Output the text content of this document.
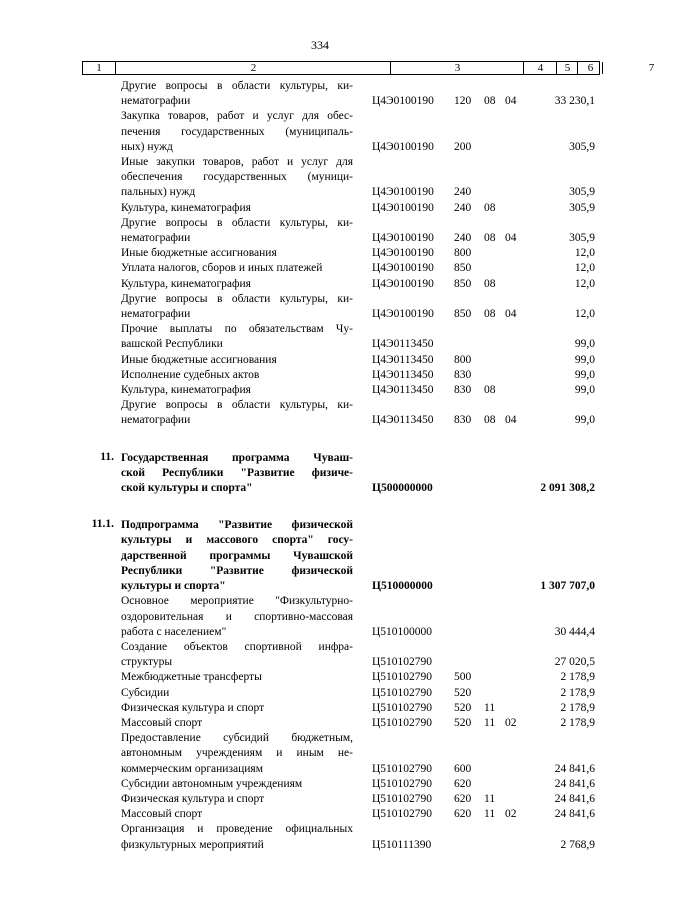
334
1	2	3	4	5	6	7
Другие вопросы в области культуры, ки-
нематографии	Ц4Э0100190 120 08 04	33 230,1
Закупка товаров, работ и услуг для обес-
печения государственных (муниципаль-
ных) нужд	Ц4Э0100190 200	305,9
Иные закупки товаров, работ и услуг для
обеспечения государственных (муници-
пальных) нужд	Ц4Э0100190 240	305,9
Культура, кинематография	Ц4Э0100190 240 08	305,9
Другие вопросы в области культуры, ки-
нематографии	Ц4Э0100190 240 08 04	305,9
Иные бюджетные ассигнования	Ц4Э0100190 800	12,0
Уплата налогов, сборов и иных платежей	Ц4Э0100190 850	12,0
Культура, кинематография	Ц4Э0100190 850 08	12,0
Другие вопросы в области культуры, ки-
нематографии	Ц4Э0100190 850 08 04	12,0
Прочие выплаты по обязательствам Чу-
вашской Республики	Ц4Э0113450	99,0
Иные бюджетные ассигнования	Ц4Э0113450 800	99,0
Исполнение судебных актов	Ц4Э0113450 830	99,0
Культура, кинематография	Ц4Э0113450 830 08	99,0
Другие вопросы в области культуры, ки-
нематографии	Ц4Э0113450 830 08 04	99,0
11. Государственная программа Чуваш-
ской Республики "Развитие физиче-
ской культуры и спорта"	Ц500000000	2 091 308,2
11.1. Подпрограмма "Развитие физической
культуры и массового спорта" госу-
дарственной программы Чувашской
Республики "Развитие физической
культуры и спорта"	Ц510000000	1 307 707,0
Основное мероприятие "Физкультурно-
оздоровительная и спортивно-массовая
работа с населением"	Ц510100000	30 444,4
Создание объектов спортивной инфра-
структуры	Ц510102790	27 020,5
Межбюджетные трансферты	Ц510102790 500	2 178,9
Субсидии	Ц510102790 520	2 178,9
Физическая культура и спорт	Ц510102790 520 11	2 178,9
Массовый спорт	Ц510102790 520 11 02	2 178,9
Предоставление субсидий бюджетным,
автономным учреждениям и иным не-
коммерческим организациям	Ц510102790 600	24 841,6
Субсидии автономным учреждениям	Ц510102790 620	24 841,6
Физическая культура и спорт	Ц510102790 620 11	24 841,6
Массовый спорт	Ц510102790 620 11 02	24 841,6
Организация и проведение официальных
физкультурных мероприятий	Ц510111390	2 768,9
